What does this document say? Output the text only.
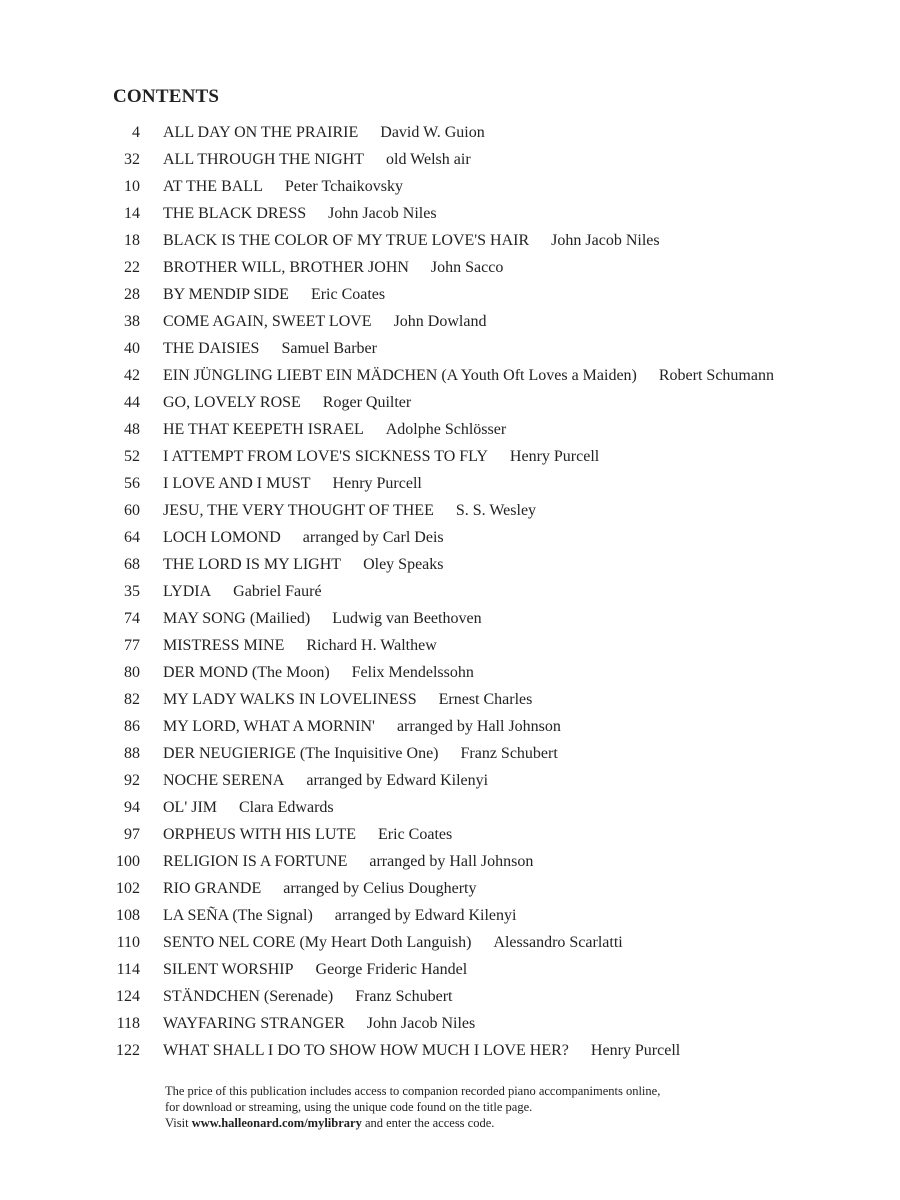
CONTENTS
4 ALL DAY ON THE PRAIRIE David W. Guion
32 ALL THROUGH THE NIGHT old Welsh air
10 AT THE BALL Peter Tchaikovsky
14 THE BLACK DRESS John Jacob Niles
18 BLACK IS THE COLOR OF MY TRUE LOVE'S HAIR John Jacob Niles
22 BROTHER WILL, BROTHER JOHN John Sacco
28 BY MENDIP SIDE Eric Coates
38 COME AGAIN, SWEET LOVE John Dowland
40 THE DAISIES Samuel Barber
42 EIN JÜNGLING LIEBT EIN MÄDCHEN (A Youth Oft Loves a Maiden) Robert Schumann
44 GO, LOVELY ROSE Roger Quilter
48 HE THAT KEEPETH ISRAEL Adolphe Schlösser
52 I ATTEMPT FROM LOVE'S SICKNESS TO FLY Henry Purcell
56 I LOVE AND I MUST Henry Purcell
60 JESU, THE VERY THOUGHT OF THEE S. S. Wesley
64 LOCH LOMOND arranged by Carl Deis
68 THE LORD IS MY LIGHT Oley Speaks
35 LYDIA Gabriel Fauré
74 MAY SONG (Mailied) Ludwig van Beethoven
77 MISTRESS MINE Richard H. Walthew
80 DER MOND (The Moon) Felix Mendelssohn
82 MY LADY WALKS IN LOVELINESS Ernest Charles
86 MY LORD, WHAT A MORNIN' arranged by Hall Johnson
88 DER NEUGIERIGE (The Inquisitive One) Franz Schubert
92 NOCHE SERENA arranged by Edward Kilenyi
94 OL' JIM Clara Edwards
97 ORPHEUS WITH HIS LUTE Eric Coates
100 RELIGION IS A FORTUNE arranged by Hall Johnson
102 RIO GRANDE arranged by Celius Dougherty
108 LA SEÑA (The Signal) arranged by Edward Kilenyi
110 SENTO NEL CORE (My Heart Doth Languish) Alessandro Scarlatti
114 SILENT WORSHIP George Frideric Handel
124 STÄNDCHEN (Serenade) Franz Schubert
118 WAYFARING STRANGER John Jacob Niles
122 WHAT SHALL I DO TO SHOW HOW MUCH I LOVE HER? Henry Purcell

The price of this publication includes access to companion recorded piano accompaniments online,

for download or streaming, using the unique code found on the title page.

Visit www.halleonard.com/mylibrary and enter the access code.
